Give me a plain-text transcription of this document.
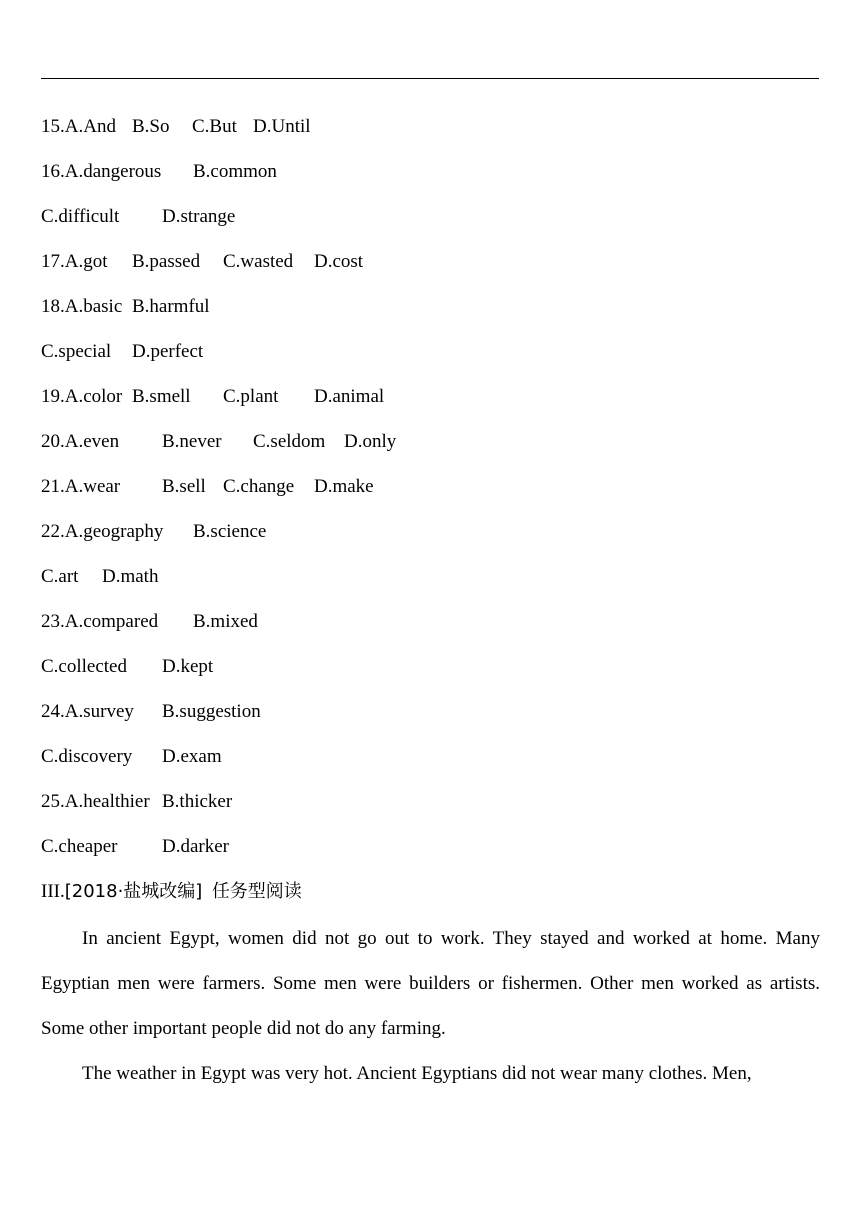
15.A.And B.So C.But D.Until
16.A.dangerous B.common
C.difficult D.strange
17.A.got B.passed C.wasted D.cost
18.A.basic B.harmful
C.special D.perfect
19.A.color B.smell C.plant D.animal
20.A.even B.never C.seldom D.only
21.A.wear B.sell C.change D.make
22.A.geography B.science
C.art D.math
23.A.compared B.mixed
C.collected D.kept
24.A.survey B.suggestion
C.discovery D.exam
25.A.healthier B.thicker
C.cheaper D.darker
III.[2018·盐城改编] 任务型阅读

In ancient Egypt, women did not go out to work. They stayed and worked at home. Many Egyptian men were farmers. Some men were builders or fishermen. Other men worked as artists. Some other important people did not do any farming.

The weather in Egypt was very hot. Ancient Egyptians did not wear many clothes. Men,
